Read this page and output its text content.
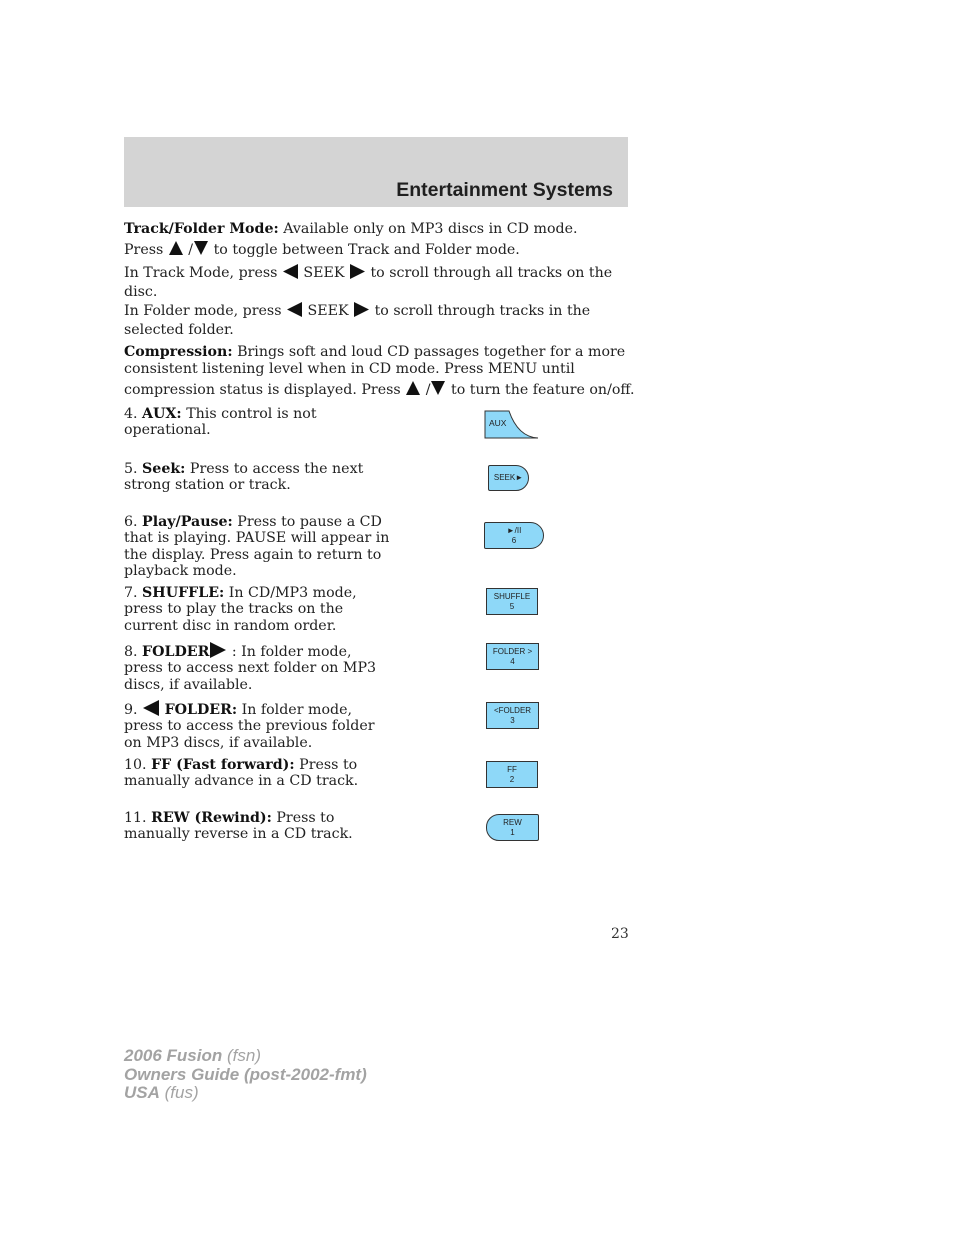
Entertainment Systems
Track/Folder Mode: Available only on MP3 discs in CD mode.
Press  / to toggle between Track and Folder mode.
In Track Mode, press  SEEK  to scroll through all tracks on the
disc.
In Folder mode, press  SEEK  to scroll through tracks in the
selected folder.
Compression: Brings soft and loud CD passages together for a more
consistent listening level when in CD mode. Press MENU until
compression status is displayed. Press  / to turn the feature on/off.
4. AUX: This control is not
operational.	AUX
5. Seek: Press to access the next
strong station or track.	SEEK►
6. Play/Pause: Press to pause a CD
that is playing. PAUSE will appear in
the display. Press again to return to
playback mode.
►/II
6
7. SHUFFLE: In CD/MP3 mode,
press to play the tracks on the
current disc in random order.
SHUFFLE
5
8. FOLDER : In folder mode,
press to access next folder on MP3
discs, if available.
FOLDER >
4
9.  FOLDER: In folder mode,
press to access the previous folder
on MP3 discs, if available.
<FOLDER
3
10. FF (Fast forward): Press to
manually advance in a CD track.
FF
2
11. REW (Rewind): Press to
manually reverse in a CD track.
REW
1
23
2006 Fusion (fsn)
Owners Guide (post-2002-fmt)
USA (fus)
